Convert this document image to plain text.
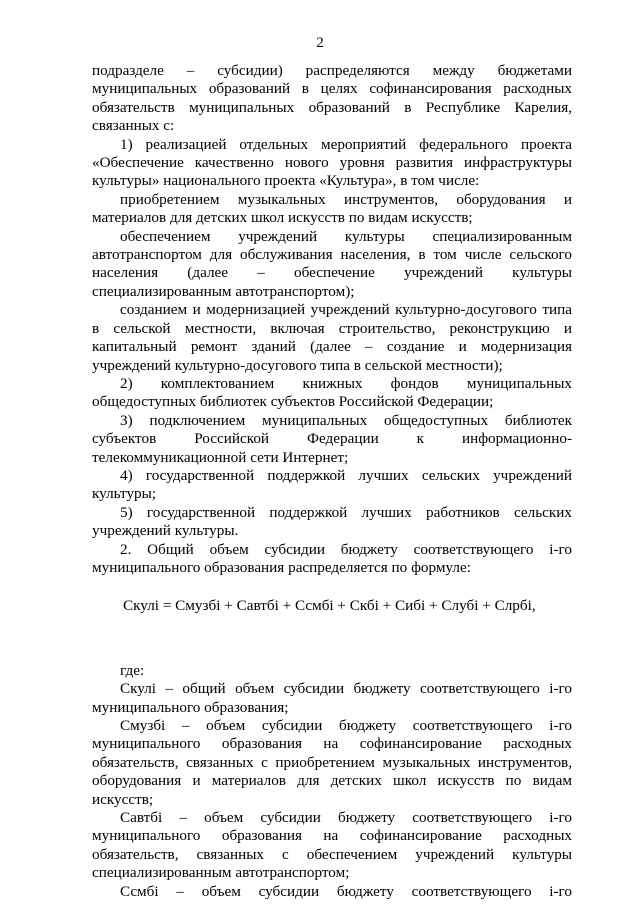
2

подразделе – субсидии) распределяются между бюджетами муниципальных образований в целях софинансирования расходных обязательств муниципальных образований в Республике Карелия, связанных с:

1) реализацией отдельных мероприятий федерального проекта «Обеспечение качественно нового уровня развития инфраструктуры культуры» национального проекта «Культура», в том числе:

приобретением музыкальных инструментов, оборудования и материалов для детских школ искусств по видам искусств;

обеспечением учреждений культуры специализированным автотранспортом для обслуживания населения, в том числе сельского населения (далее – обеспечение учреждений культуры специализированным автотранспортом);

созданием и модернизацией учреждений культурно-досугового типа в сельской местности, включая строительство, реконструкцию и капитальный ремонт зданий (далее – создание и модернизация учреждений культурно-досугового типа в сельской местности);

2) комплектованием книжных фондов муниципальных общедоступных библиотек субъектов Российской Федерации;

3) подключением муниципальных общедоступных библиотек субъектов Российской Федерации к информационно-телекоммуникационной сети Интернет;

4) государственной поддержкой лучших сельских учреждений культуры;

5) государственной поддержкой лучших работников сельских учреждений культуры.

2. Общий объем субсидии бюджету соответствующего i-го муниципального образования распределяется по формуле:

Скулі = Смузбі + Савтбі + Ссмбі + Скбі + Сибі + Слубі + Слрбі,

где:

Скулі – общий объем субсидии бюджету соответствующего i-го муниципального образования;

Смузбі – объем субсидии бюджету соответствующего i-го муниципального образования на софинансирование расходных обязательств, связанных с приобретением музыкальных инструментов, оборудования и материалов для детских школ искусств по видам искусств;

Савтбі – объем субсидии бюджету соответствующего i-го муниципального образования на софинансирование расходных обязательств, связанных с обеспечением учреждений культуры специализированным автотранспортом;

Ссмбі – объем субсидии бюджету соответствующего i-го
